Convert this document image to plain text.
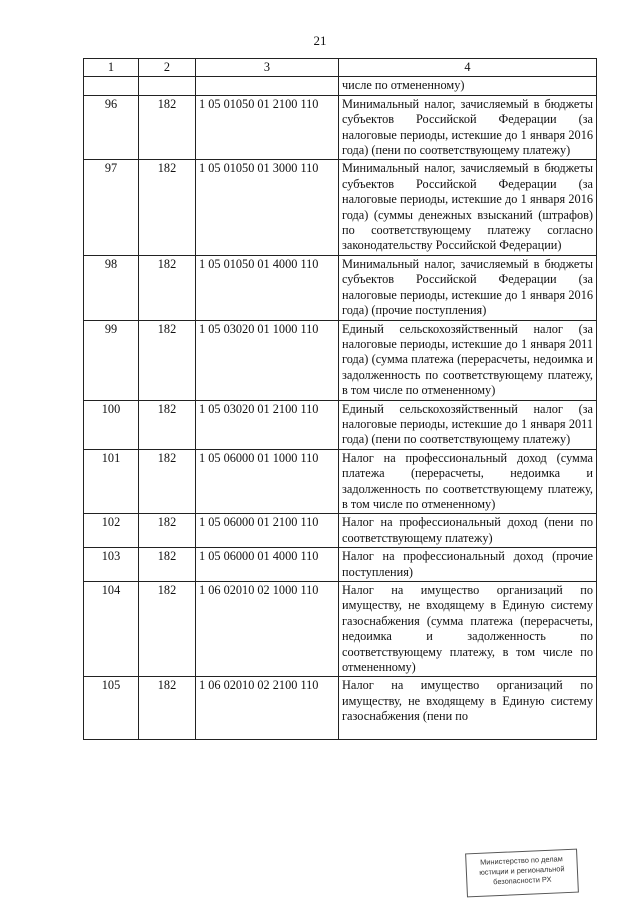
21
1	2	3	4
			числе по отмененному)
96	182	1 05 01050 01 2100 110	Минимальный налог, зачисляемый в бюджеты субъектов Российской Федерации (за налоговые периоды, истекшие до 1 января 2016 года) (пени по соответствующему платежу)
97	182	1 05 01050 01 3000 110	Минимальный налог, зачисляемый в бюджеты субъектов Российской Федерации (за налоговые периоды, истекшие до 1 января 2016 года) (суммы денежных взысканий (штрафов) по соответствующему платежу согласно законодательству Российской Федерации)
98	182	1 05 01050 01 4000 110	Минимальный налог, зачисляемый в бюджеты субъектов Российской Федерации (за налоговые периоды, истекшие до 1 января 2016 года) (прочие поступления)
99	182	1 05 03020 01 1000 110	Единый сельскохозяйственный налог (за налоговые периоды, истекшие до 1 января 2011 года) (сумма платежа (перерасчеты, недоимка и задолженность по соответствующему платежу, в том числе по отмененному)
100	182	1 05 03020 01 2100 110	Единый сельскохозяйственный налог (за налоговые периоды, истекшие до 1 января 2011 года) (пени по соответствующему платежу)
101	182	1 05 06000 01 1000 110	Налог на профессиональный доход (сумма платежа (перерасчеты, недоимка и задолженность по соответствующему платежу, в том числе по отмененному)
102	182	1 05 06000 01 2100 110	Налог на профессиональный доход (пени по соответствующему платежу)
103	182	1 05 06000 01 4000 110	Налог на профессиональный доход (прочие поступления)
104	182	1 06 02010 02 1000 110	Налог на имущество организаций по имуществу, не входящему в Единую систему газоснабжения (сумма платежа (перерасчеты, недоимка и задолженность по соответствующему платежу, в том числе по отмененному)
105	182	1 06 02010 02 2100 110	Налог на имущество организаций по имуществу, не входящему в Единую систему газоснабжения (пени по
Министерство по делам
юстиции и региональной
безопасности РХ
